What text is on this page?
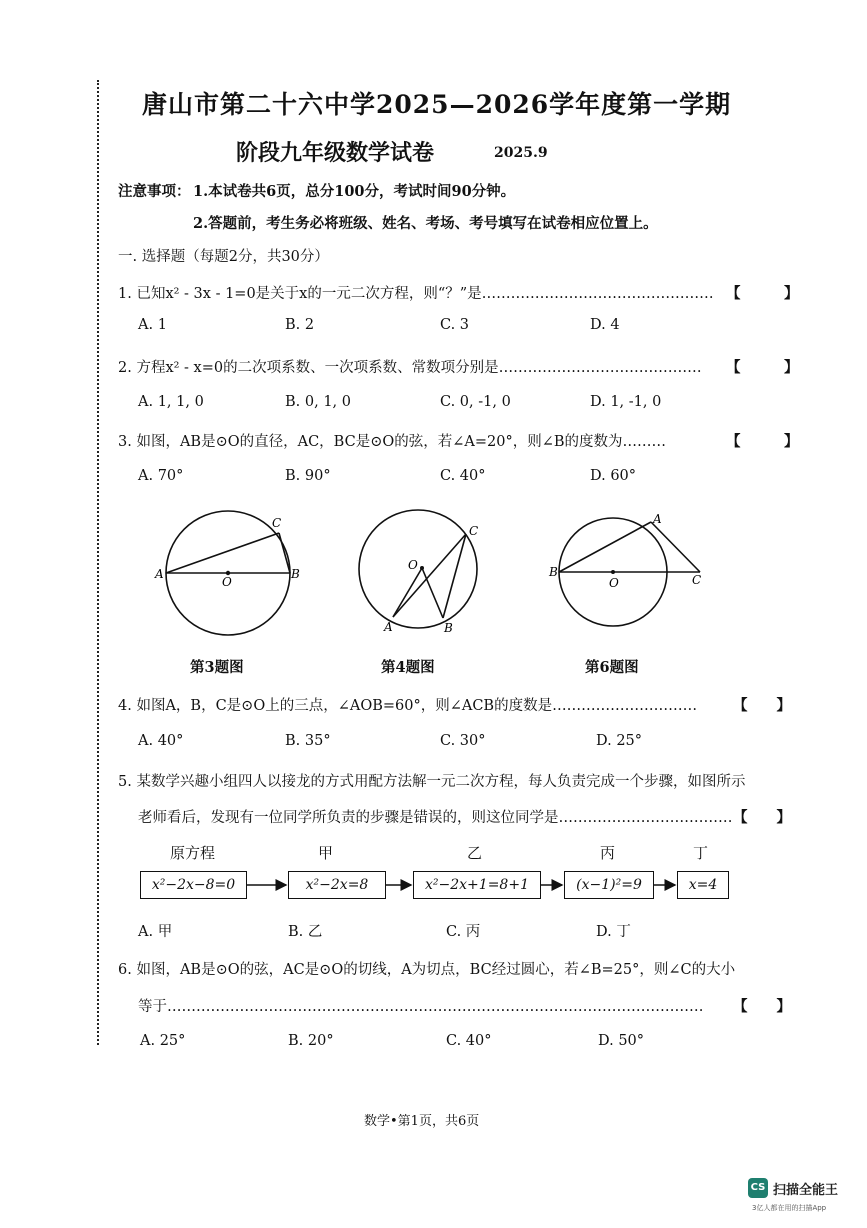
唐山市第二十六中学2025—2026学年度第一学期
阶段九年级数学试卷	2025.9
注意事项： 1.本试卷共6页，总分100分，考试时间90分钟。
2.答题前，考生务必将班级、姓名、考场、考号填写在试卷相应位置上。
一. 选择题（每题2分，共30分）
1. 已知x² - 3x - 1=0是关于x的一元二次方程，则“？”是………………………………………… 【　　　】
A. 1	B. 2	C. 3	D. 4
2. 方程x² - x=0的二次项系数、一次项系数、常数项分别是…………………………………… 【　　　】
A. 1, 1, 0	B. 0, 1, 0	C. 0, -1, 0	D. 1, -1, 0
3. 如图，AB是⊙O的直径，AC，BC是⊙O的弦，若∠A=20°，则∠B的度数为………	【　　　】
A. 70°	B. 90°	C. 40°	D. 60°
A	B
C
O
O
A	B
C
B
A
C
O
第3题图	第4题图	第6题图
4. 如图A，B，C是⊙O上的三点，∠AOB=60°，则∠ACB的度数是………………………… 【　　】
A. 40°	B. 35°	C. 30°	D. 25°
5. 某数学兴趣小组四人以接龙的方式用配方法解一元二次方程，每人负责完成一个步骤，如图所示
老师看后，发现有一位同学所负责的步骤是错误的，则这位同学是……………………………… 【　　】
原方程	甲	乙	丙	丁
x²−2x−8=0	x²−2x=8	x²−2x+1=8+1	(x−1)²=9	x=4
A. 甲	B. 乙	C. 丙	D. 丁
6. 如图，AB是⊙O的弦，AC是⊙O的切线，A为切点，BC经过圆心，若∠B=25°，则∠C的大小
等于………………………………………………………………………………………………… 【　　】
A. 25°	B. 20°	C. 40°	D. 50°
数学•第1页，共6页
CS 扫描全能王
3亿人都在用的扫描App
